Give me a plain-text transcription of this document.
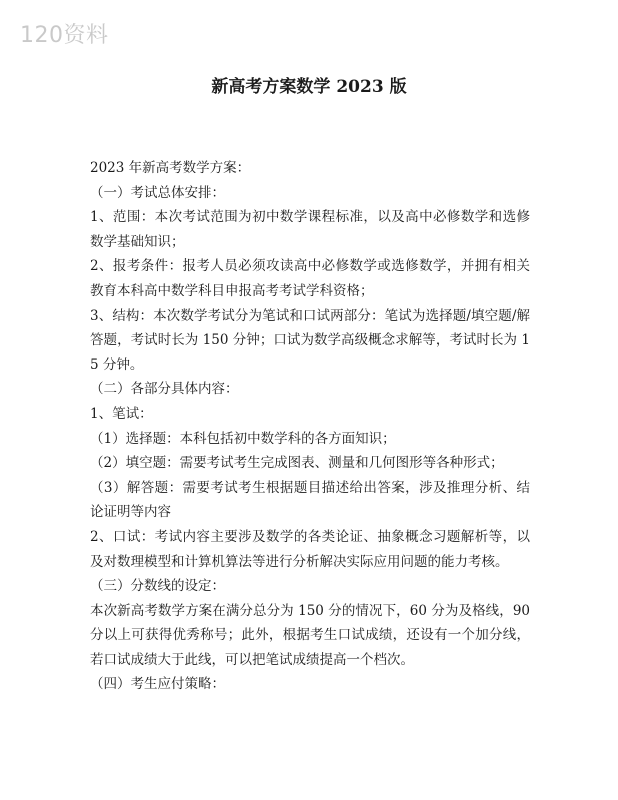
120资料
新高考方案数学 2023 版

2023 年新高考数学方案：

（一）考试总体安排：

1、范围：本次考试范围为初中数学课程标准，以及高中必修数学和选修数学基础知识；

2、报考条件：报考人员必须攻读高中必修数学或选修数学，并拥有相关教育本科高中数学科目申报高考考试学科资格；

3、结构：本次数学考试分为笔试和口试两部分：笔试为选择题/填空题/解答题，考试时长为 150 分钟；口试为数学高级概念求解等，考试时长为 15 分钟。

（二）各部分具体内容：

1、笔试：

（1）选择题：本科包括初中数学科的各方面知识；

（2）填空题：需要考试考生完成图表、测量和几何图形等各种形式；

（3）解答题：需要考试考生根据题目描述给出答案，涉及推理分析、结论证明等内容

2、口试：考试内容主要涉及数学的各类论证、抽象概念习题解析等，以及对数理模型和计算机算法等进行分析解决实际应用问题的能力考核。

（三）分数线的设定：

本次新高考数学方案在满分总分为 150 分的情况下，60 分为及格线，90 分以上可获得优秀称号；此外，根据考生口试成绩，还设有一个加分线，若口试成绩大于此线，可以把笔试成绩提高一个档次。

（四）考生应付策略：
